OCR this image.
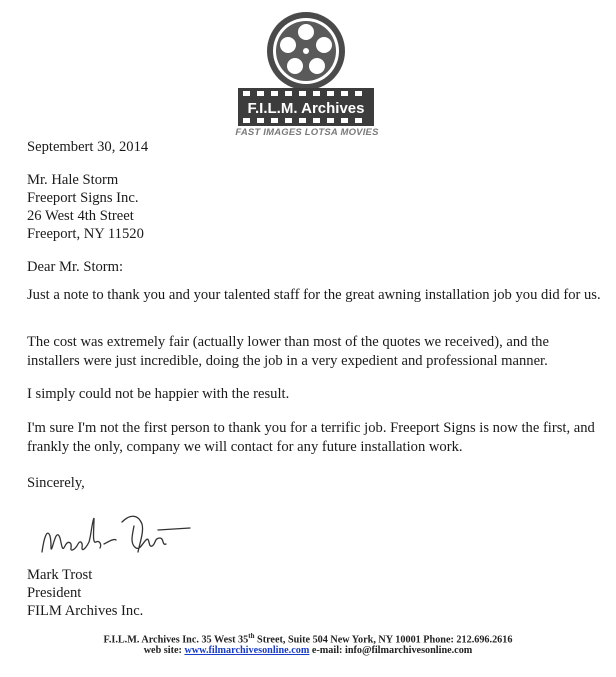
F.I.L.M. Archives
FAST IMAGES LOTSA MOVIES
Septembert 30, 2014
Mr. Hale Storm
Freeport Signs Inc.
26 West 4th Street
Freeport, NY 11520
Dear Mr. Storm:
Just a note to thank you and your talented staff for the great awning installation job you did for us.
The cost was extremely fair (actually lower than most of the quotes we received), and the installers were just incredible, doing the job in a very expedient and professional manner.
I simply could not be happier with the result.
I'm sure I'm not the first person to thank you for a terrific job. Freeport Signs is now the first, and frankly the only, company we will contact for any future installation work.
Sincerely,
Mark Trost
President
FILM Archives Inc.
F.I.L.M. Archives Inc. 35 West 35th Street, Suite 504 New York, NY 10001 Phone: 212.696.2616
web site: www.filmarchivesonline.com e-mail: info@filmarchivesonline.com
